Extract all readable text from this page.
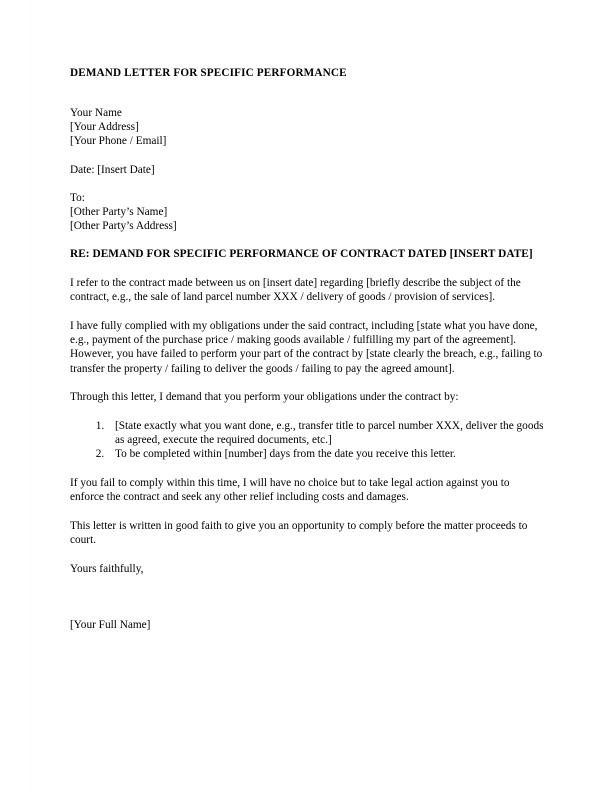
DEMAND LETTER FOR SPECIFIC PERFORMANCE
Your Name
[Your Address]
[Your Phone / Email]
Date: [Insert Date]
To:
[Other Party’s Name]
[Other Party’s Address]
RE: DEMAND FOR SPECIFIC PERFORMANCE OF CONTRACT DATED [INSERT DATE]

I refer to the contract made between us on [insert date] regarding [briefly describe the subject of the contract, e.g., the sale of land parcel number XXX / delivery of goods / provision of services].

I have fully complied with my obligations under the said contract, including [state what you have done, e.g., payment of the purchase price / making goods available / fulfilling my part of the agreement]. However, you have failed to perform your part of the contract by [state clearly the breach, e.g., failing to transfer the property / failing to deliver the goods / failing to pay the agreed amount].

Through this letter, I demand that you perform your obligations under the contract by:

1. [State exactly what you want done, e.g., transfer title to parcel number XXX, deliver the goods as agreed, execute the required documents, etc.]
2. To be completed within [number] days from the date you receive this letter.

If you fail to comply within this time, I will have no choice but to take legal action against you to enforce the contract and seek any other relief including costs and damages.

This letter is written in good faith to give you an opportunity to comply before the matter proceeds to court.

Yours faithfully,

[Your Full Name]
